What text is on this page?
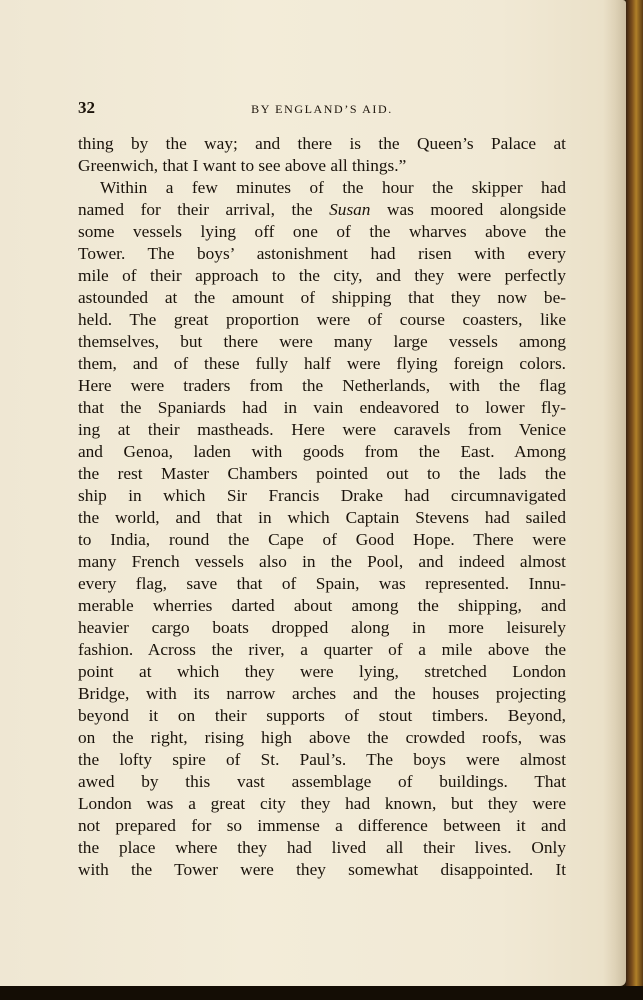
32	BY ENGLAND’S AID.
thing by the way; and there is the Queen’s Palace at
Greenwich, that I want to see above all things.”
Within a few minutes of the hour the skipper had
named for their arrival, the Susan was moored alongside
some vessels lying off one of the wharves above the
Tower. The boys’ astonishment had risen with every
mile of their approach to the city, and they were perfectly
astounded at the amount of shipping that they now be-
held. The great proportion were of course coasters, like
themselves, but there were many large vessels among
them, and of these fully half were flying foreign colors.
Here were traders from the Netherlands, with the flag
that the Spaniards had in vain endeavored to lower fly-
ing at their mastheads. Here were caravels from Venice
and Genoa, laden with goods from the East. Among
the rest Master Chambers pointed out to the lads the
ship in which Sir Francis Drake had circumnavigated
the world, and that in which Captain Stevens had sailed
to India, round the Cape of Good Hope. There were
many French vessels also in the Pool, and indeed almost
every flag, save that of Spain, was represented. Innu-
merable wherries darted about among the shipping, and
heavier cargo boats dropped along in more leisurely
fashion. Across the river, a quarter of a mile above the
point at which they were lying, stretched London
Bridge, with its narrow arches and the houses projecting
beyond it on their supports of stout timbers. Beyond,
on the right, rising high above the crowded roofs, was
the lofty spire of St. Paul’s. The boys were almost
awed by this vast assemblage of buildings. That
London was a great city they had known, but they were
not prepared for so immense a difference between it and
the place where they had lived all their lives. Only
with the Tower were they somewhat disappointed. It
